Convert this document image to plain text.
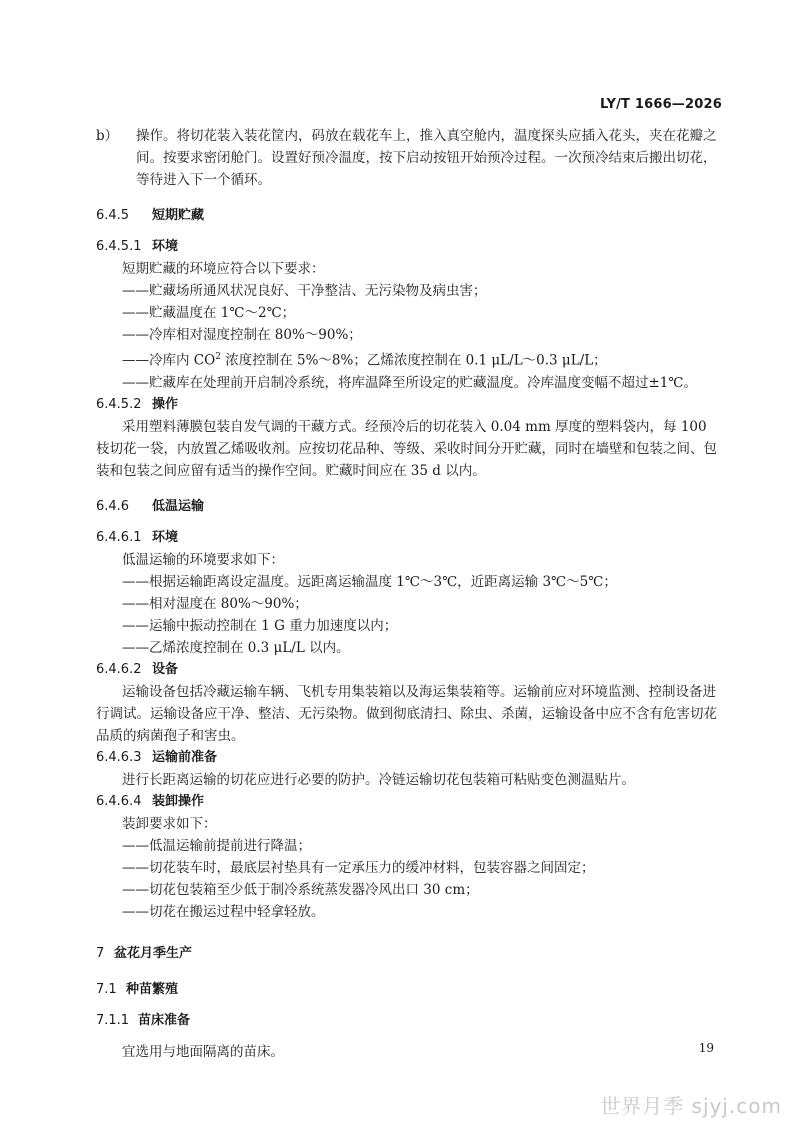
LY/T 1666—2026
b）	操作。将切花装入装花筐内，码放在载花车上，推入真空舱内，温度探头应插入花头，夹在花瓣之间。按要求密闭舱门。设置好预冷温度，按下启动按钮开始预冷过程。一次预冷结束后搬出切花，等待进入下一个循环。
6.4.5 短期贮藏
6.4.5.1 环境
短期贮藏的环境应符合以下要求：
——贮藏场所通风状况良好、干净整洁、无污染物及病虫害；
——贮藏温度在 1℃～2℃；
——冷库相对湿度控制在 80%～90%；
——冷库内 $CO^2$ 浓度控制在 5%～8%；乙烯浓度控制在 0.1 μL/L～0.3 μL/L；
——贮藏库在处理前开启制冷系统，将库温降至所设定的贮藏温度。冷库温度变幅不超过±1℃。
6.4.5.2 操作
采用塑料薄膜包装自发气调的干藏方式。经预冷后的切花装入 0.04 mm 厚度的塑料袋内，每 100 枝切花一袋，内放置乙烯吸收剂。应按切花品种、等级、采收时间分开贮藏，同时在墙壁和包装之间、包装和包装之间应留有适当的操作空间。贮藏时间应在 35 d 以内。
6.4.6 低温运输
6.4.6.1 环境
低温运输的环境要求如下：
——根据运输距离设定温度。远距离运输温度 1℃～3℃，近距离运输 3℃～5℃；
——相对湿度在 80%～90%；
——运输中振动控制在 1 G 重力加速度以内；
——乙烯浓度控制在 0.3 μL/L 以内。
6.4.6.2 设备
运输设备包括冷藏运输车辆、飞机专用集装箱以及海运集装箱等。运输前应对环境监测、控制设备进行调试。运输设备应干净、整洁、无污染物。做到彻底清扫、除虫、杀菌，运输设备中应不含有危害切花品质的病菌孢子和害虫。
6.4.6.3 运输前准备
进行长距离运输的切花应进行必要的防护。冷链运输切花包装箱可粘贴变色测温贴片。
6.4.6.4 装卸操作
装卸要求如下：
——低温运输前提前进行降温；
——切花装车时，最底层衬垫具有一定承压力的缓冲材料，包装容器之间固定；
——切花包装箱至少低于制冷系统蒸发器冷风出口 30 cm；
——切花在搬运过程中轻拿轻放。
7 盆花月季生产
7.1 种苗繁殖
7.1.1 苗床准备
宜选用与地面隔离的苗床。	19
世界月季 sjyj.com
